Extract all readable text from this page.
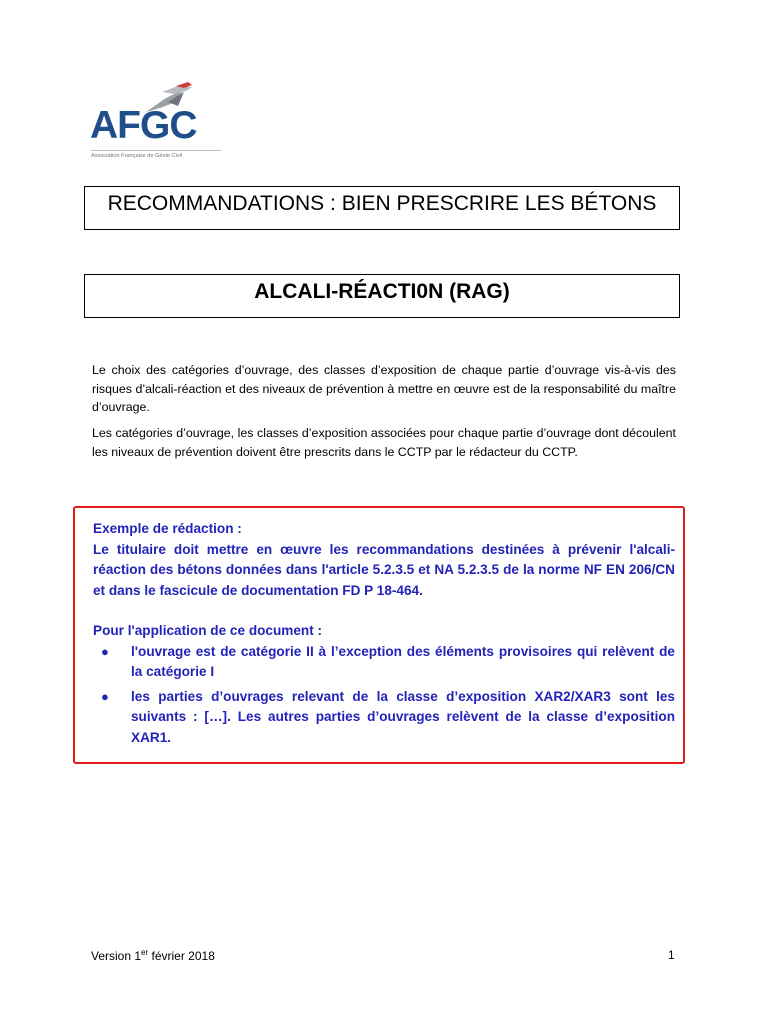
AFGC
Association Française de Génie Civil
RECOMMANDATIONS : BIEN PRESCRIRE LES BÉTONS
ALCALI-RÉACTI0N (RAG)

Le choix des catégories d’ouvrage, des classes d’exposition de chaque partie d’ouvrage vis-à-vis des risques d’alcali-réaction et des niveaux de prévention à mettre en œuvre est de la responsabilité du maître d’ouvrage.

Les catégories d’ouvrage, les classes d’exposition associées pour chaque partie d’ouvrage dont découlent les niveaux de prévention doivent être prescrits dans le CCTP par le rédacteur du CCTP.

Exemple de rédaction :

Le titulaire doit mettre en œuvre les recommandations destinées à prévenir l'alcali-réaction des bétons données dans l'article 5.2.3.5 et NA 5.2.3.5 de la norme NF EN 206/CN et dans le fascicule de documentation FD P 18-464.

Pour l'application de ce document :

● l'ouvrage est de catégorie II à l’exception des éléments provisoires qui relèvent de la catégorie I
● les parties d’ouvrages relevant de la classe d’exposition XAR2/XAR3 sont les suivants : […]. Les autres parties d’ouvrages relèvent de la classe d’exposition XAR1.
Version 1er février 2018	1
